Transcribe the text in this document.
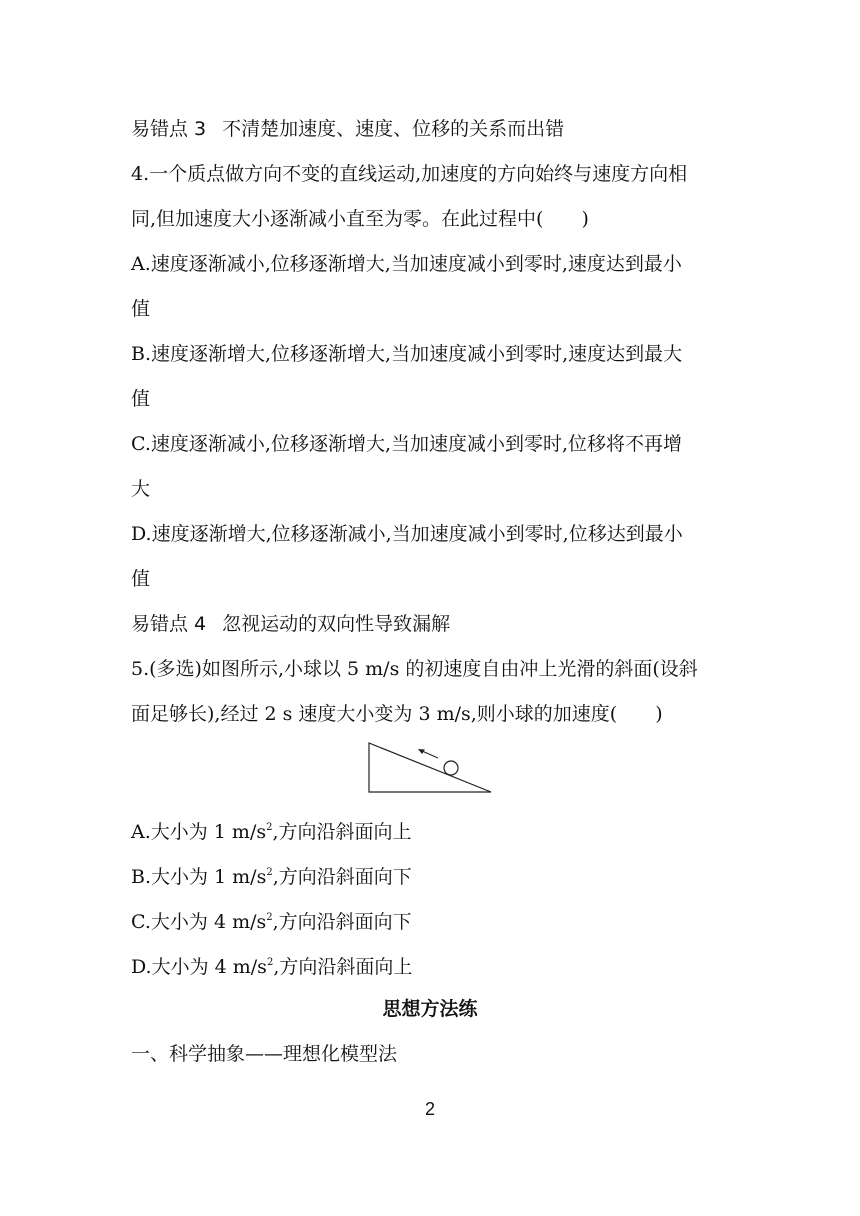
易错点 3 不清楚加速度、速度、位移的关系而出错
4.一个质点做方向不变的直线运动,加速度的方向始终与速度方向相
同,但加速度大小逐渐减小直至为零。在此过程中(　　)
A.速度逐渐减小,位移逐渐增大,当加速度减小到零时,速度达到最小
值
B.速度逐渐增大,位移逐渐增大,当加速度减小到零时,速度达到最大
值
C.速度逐渐减小,位移逐渐增大,当加速度减小到零时,位移将不再增
大
D.速度逐渐增大,位移逐渐减小,当加速度减小到零时,位移达到最小
值
易错点 4 忽视运动的双向性导致漏解
5.(多选)如图所示,小球以 5 m/s 的初速度自由冲上光滑的斜面(设斜
面足够长),经过 2 s 速度大小变为 3 m/s,则小球的加速度(　　)
A.大小为 1 $m/s^2$,方向沿斜面向上
B.大小为 1 $m/s^2$,方向沿斜面向下
C.大小为 4 $m/s^2$,方向沿斜面向下
D.大小为 4 $m/s^2$,方向沿斜面向上
思想方法练
一、科学抽象——理想化模型法
2
